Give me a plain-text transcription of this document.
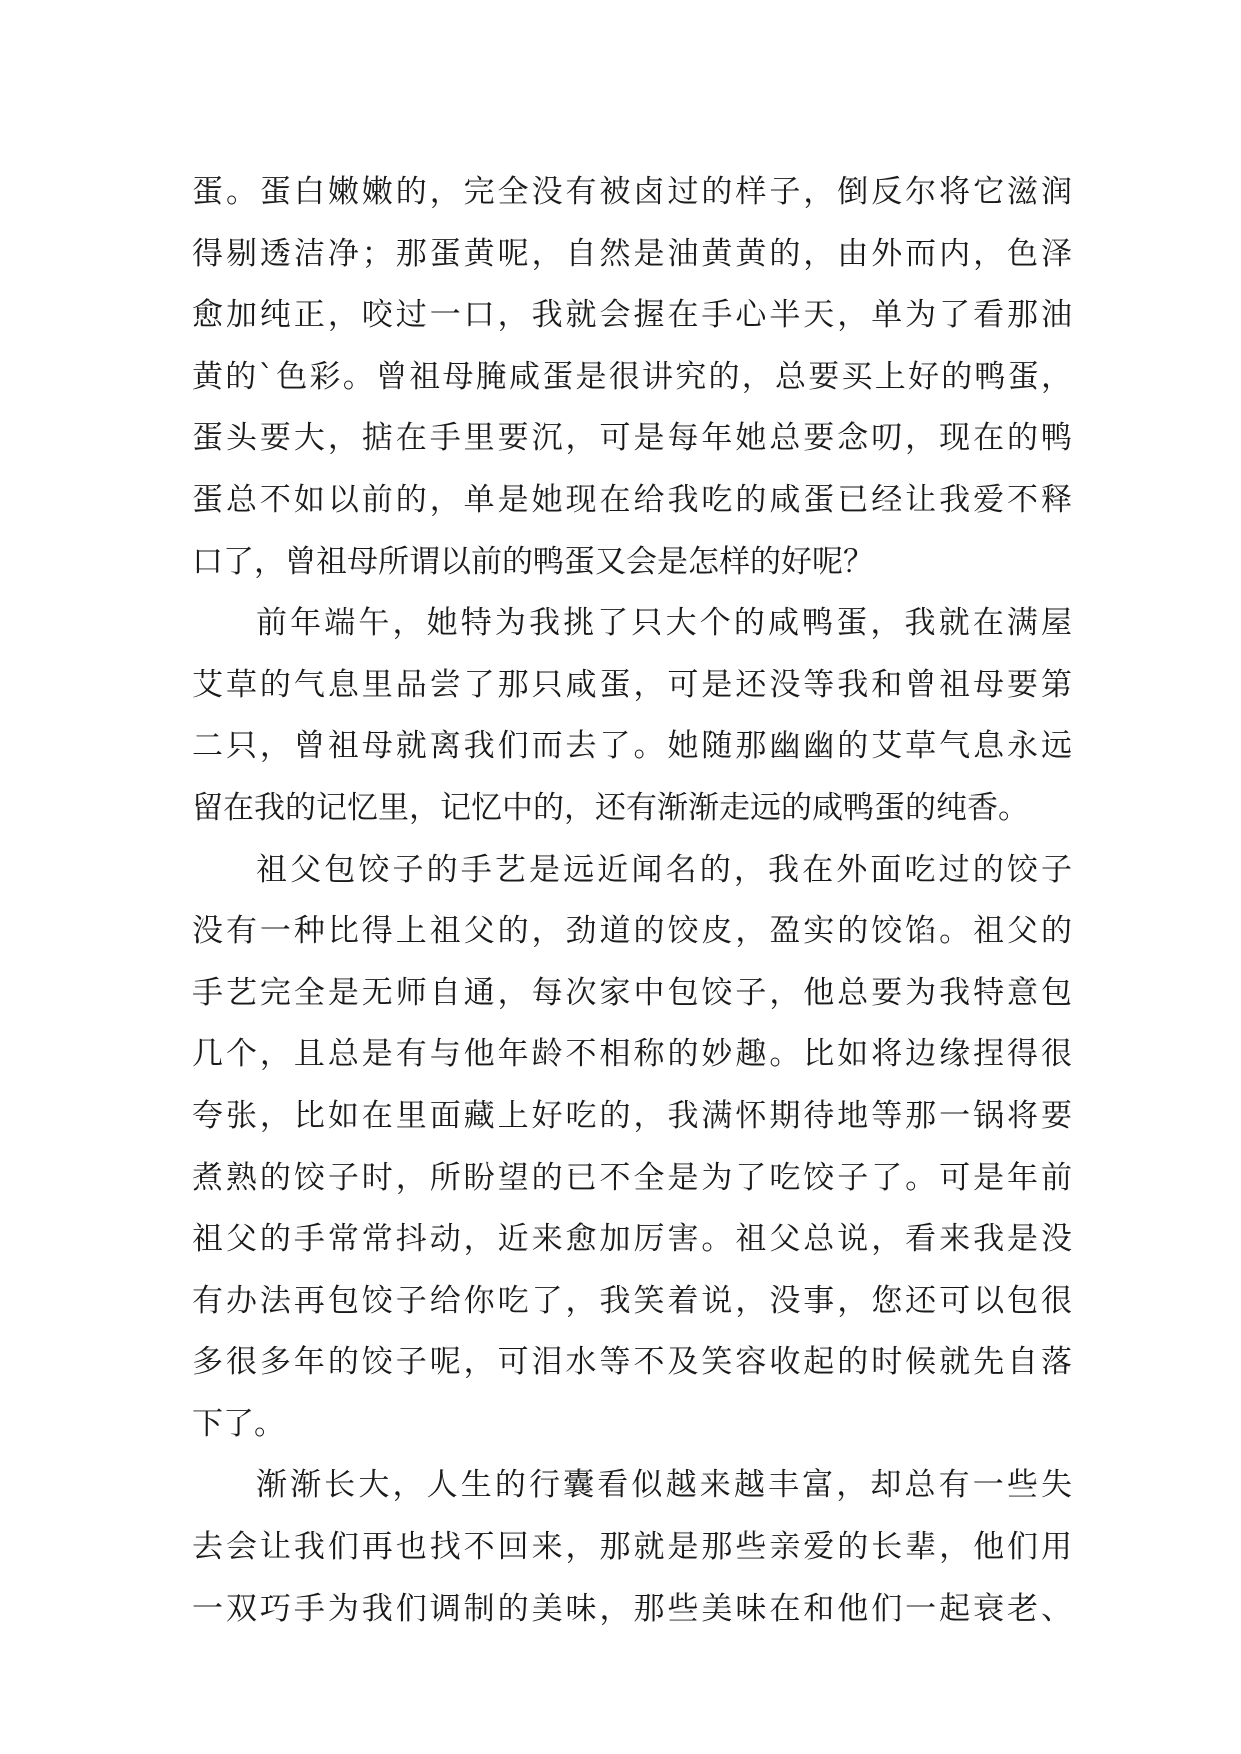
蛋。蛋白嫩嫩的，完全没有被卤过的样子，倒反尔将它滋润
得剔透洁净；那蛋黄呢，自然是油黄黄的，由外而内，色泽
愈加纯正，咬过一口，我就会握在手心半天，单为了看那油
黄的`色彩。曾祖母腌咸蛋是很讲究的，总要买上好的鸭蛋，
蛋头要大，掂在手里要沉，可是每年她总要念叨，现在的鸭
蛋总不如以前的，单是她现在给我吃的咸蛋已经让我爱不释
口了，曾祖母所谓以前的鸭蛋又会是怎样的好呢？
前年端午，她特为我挑了只大个的咸鸭蛋，我就在满屋
艾草的气息里品尝了那只咸蛋，可是还没等我和曾祖母要第
二只，曾祖母就离我们而去了。她随那幽幽的艾草气息永远
留在我的记忆里，记忆中的，还有渐渐走远的咸鸭蛋的纯香。
祖父包饺子的手艺是远近闻名的，我在外面吃过的饺子
没有一种比得上祖父的，劲道的饺皮，盈实的饺馅。祖父的
手艺完全是无师自通，每次家中包饺子，他总要为我特意包
几个，且总是有与他年龄不相称的妙趣。比如将边缘捏得很
夸张，比如在里面藏上好吃的，我满怀期待地等那一锅将要
煮熟的饺子时，所盼望的已不全是为了吃饺子了。可是年前
祖父的手常常抖动，近来愈加厉害。祖父总说，看来我是没
有办法再包饺子给你吃了，我笑着说，没事，您还可以包很
多很多年的饺子呢，可泪水等不及笑容收起的时候就先自落
下了。
渐渐长大，人生的行囊看似越来越丰富，却总有一些失
去会让我们再也找不回来，那就是那些亲爱的长辈，他们用
一双巧手为我们调制的美味，那些美味在和他们一起衰老、
